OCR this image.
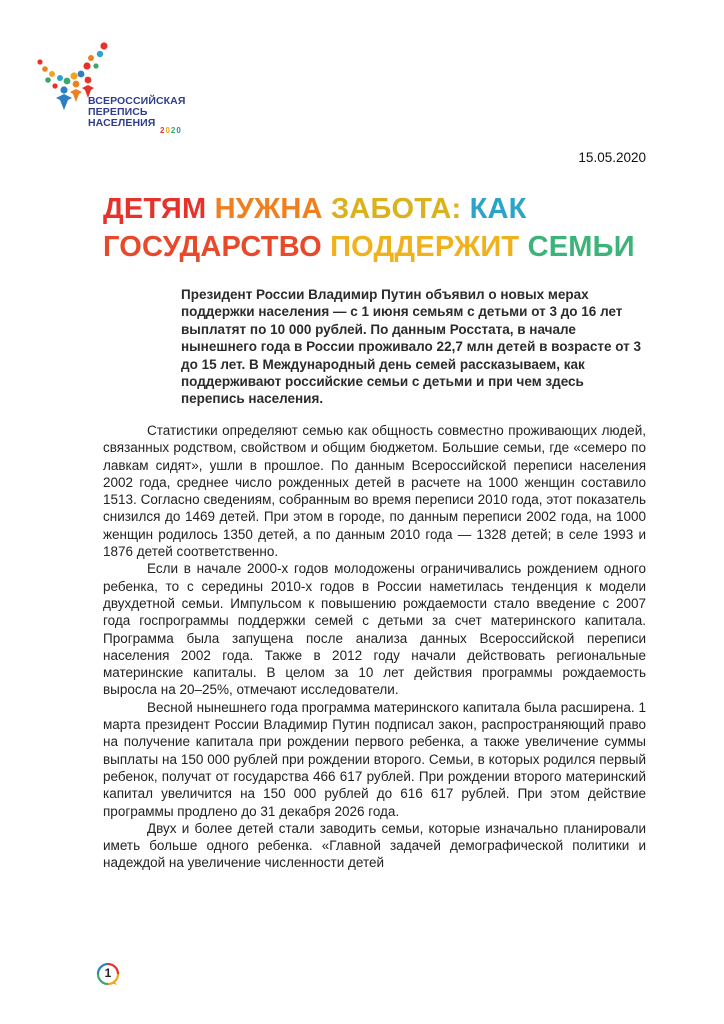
ВСЕРОССИЙСКАЯ
ПЕРЕПИСЬ
НАСЕЛЕНИЯ
2020
15.05.2020
ДЕТЯМ НУЖНА ЗАБОТА: КАК
ГОСУДАРСТВО ПОДДЕРЖИТ СЕМЬИ

Президент России Владимир Путин объявил о новых мерах поддержки населения — с 1 июня семьям с детьми от 3 до 16 лет выплатят по 10 000 рублей. По данным Росстата, в начале нынешнего года в России проживало 22,7 млн детей в возрасте от 3 до 15 лет. В Международный день семей рассказываем, как поддерживают российские семьи с детьми и при чем здесь перепись населения.

Статистики определяют семью как общность совместно проживающих людей, связанных родством, свойством и общим бюджетом. Большие семьи, где «семеро по лавкам сидят», ушли в прошлое. По данным Всероссийской переписи населения 2002 года, среднее число рожденных детей в расчете на 1000 женщин составило 1513. Согласно сведениям, собранным во время переписи 2010 года, этот показатель снизился до 1469 детей. При этом в городе, по данным переписи 2002 года, на 1000 женщин родилось 1350 детей, а по данным 2010 года — 1328 детей; в селе 1993 и 1876 детей соответственно.

Если в начале 2000-х годов молодожены ограничивались рождением одного ребенка, то с середины 2010-х годов в России наметилась тенденция к модели двухдетной семьи. Импульсом к повышению рождаемости стало введение с 2007 года госпрограммы поддержки семей с детьми за счет материнского капитала. Программа была запущена после анализа данных Всероссийской переписи населения 2002 года. Также в 2012 году начали действовать региональные материнские капиталы. В целом за 10 лет действия программы рождаемость выросла на 20–25%, отмечают исследователи.

Весной нынешнего года программа материнского капитала была расширена. 1 марта президент России Владимир Путин подписал закон, распространяющий право на получение капитала при рождении первого ребенка, а также увеличение суммы выплаты на 150 000 рублей при рождении второго. Семьи, в которых родился первый ребенок, получат от государства 466 617 рублей. При рождении второго материнский капитал увеличится на 150 000 рублей до 616 617 рублей. При этом действие программы продлено до 31 декабря 2026 года.

Двух и более детей стали заводить семьи, которые изначально планировали иметь больше одного ребенка. «Главной задачей демографической политики и надеждой на увеличение численности детей

1
